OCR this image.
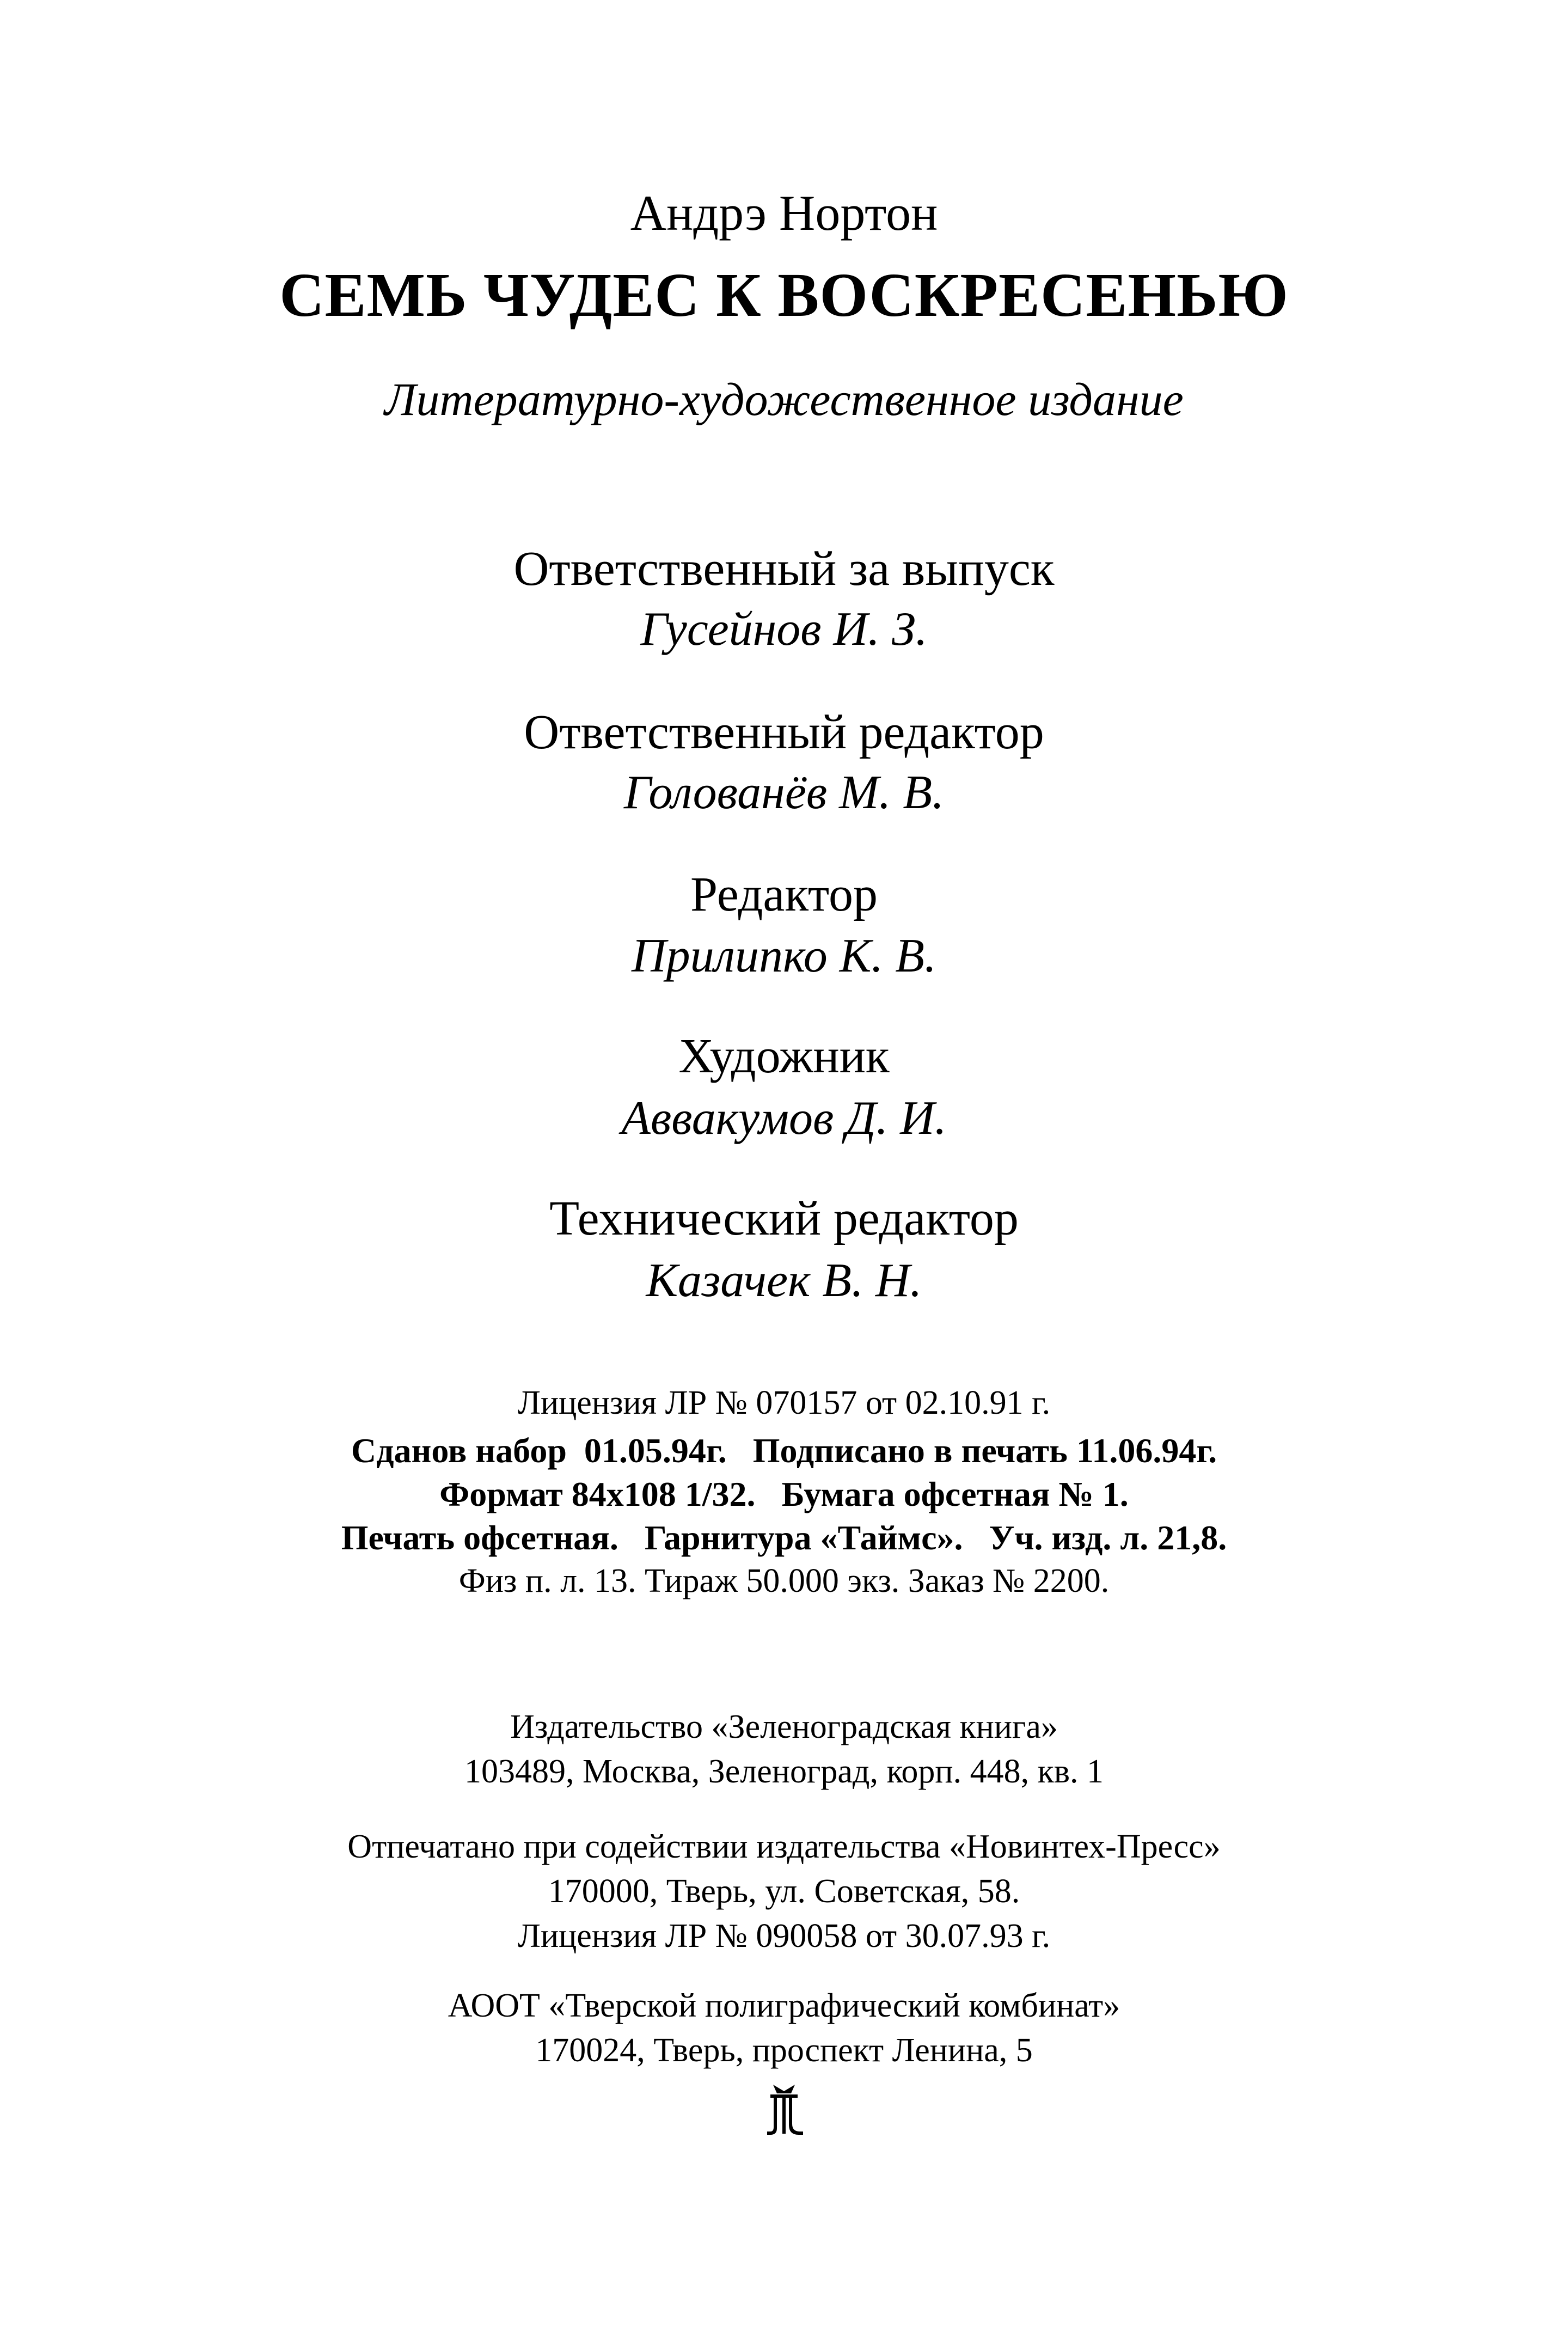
Андрэ Нортон
СЕМЬ ЧУДЕС К ВОСКРЕСЕНЬЮ
Литературно-художественное издание
Ответственный за выпуск
Гусейнов И. З.
Ответственный редактор
Голованёв М. В.
Редактор
Прилипко К. В.
Художник
Аввакумов Д. И.
Технический редактор
Казачек В. Н.
Лицензия ЛР № 070157 от 02.10.91 г.
Сданов набор  01.05.94г.   Подписано в печать 11.06.94г.
Формат 84x108 1/32.   Бумага офсетная № 1.
Печать офсетная.   Гарнитура «Таймс».   Уч. изд. л. 21,8.
Физ п. л. 13. Тираж 50.000 экз. Заказ № 2200.
Издательство «Зеленоградская книга»
103489, Москва, Зеленоград, корп. 448, кв. 1
Отпечатано при содействии издательства «Новинтех-Пресс»
170000, Тверь, ул. Советская, 58.
Лицензия ЛР № 090058 от 30.07.93 г.
АООТ «Тверской полиграфический комбинат»
170024, Тверь, проспект Ленина, 5
